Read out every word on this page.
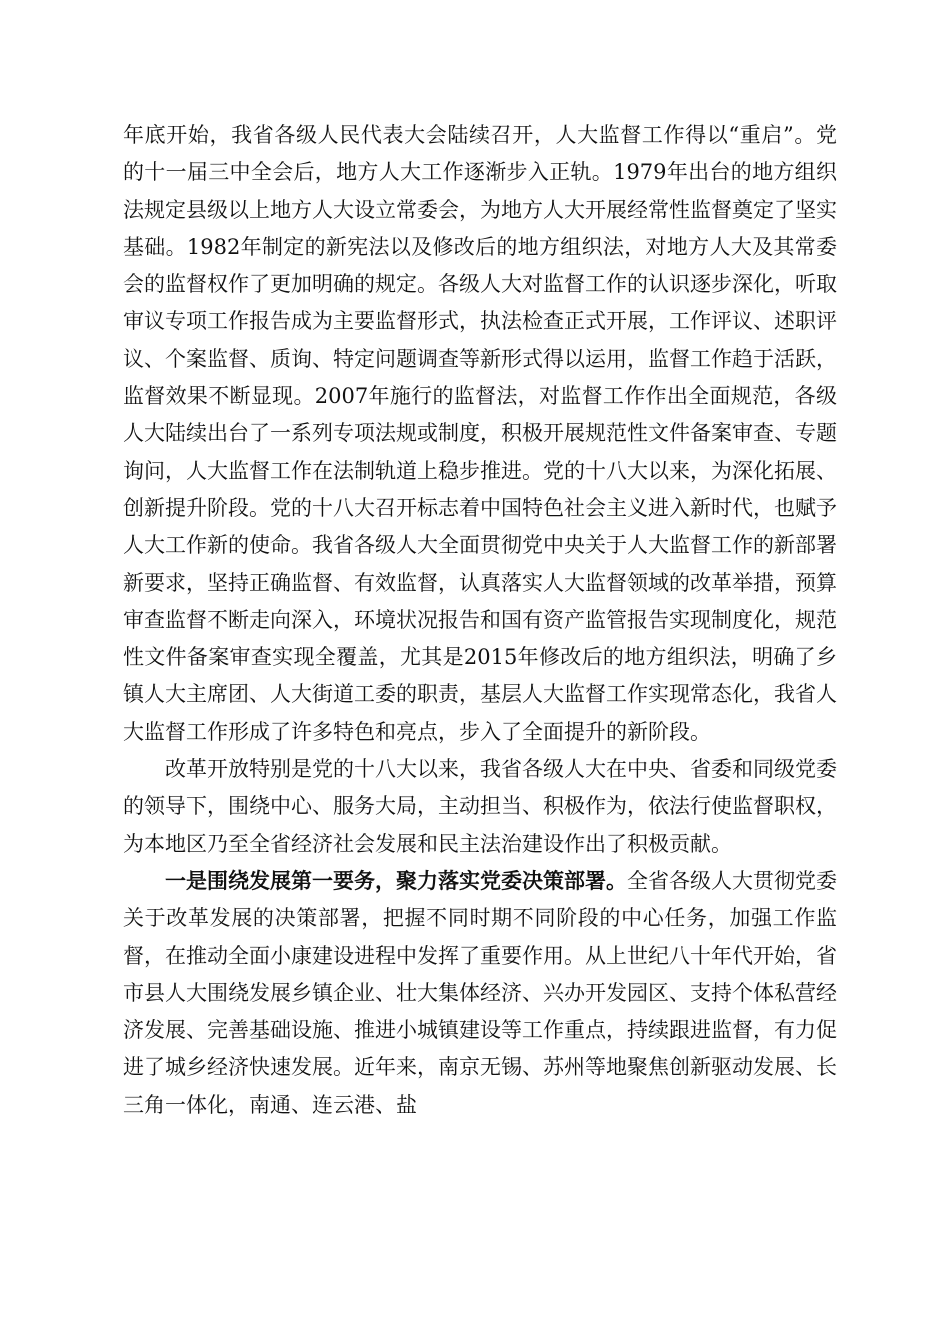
年底开始，我省各级人民代表大会陆续召开，人大监督工作得以“重启”。党的十一届三中全会后，地方人大工作逐渐步入正轨。1979年出台的地方组织法规定县级以上地方人大设立常委会，为地方人大开展经常性监督奠定了坚实基础。1982年制定的新宪法以及修改后的地方组织法，对地方人大及其常委会的监督权作了更加明确的规定。各级人大对监督工作的认识逐步深化，听取审议专项工作报告成为主要监督形式，执法检查正式开展，工作评议、述职评议、个案监督、质询、特定问题调查等新形式得以运用，监督工作趋于活跃，监督效果不断显现。2007年施行的监督法，对监督工作作出全面规范，各级人大陆续出台了一系列专项法规或制度，积极开展规范性文件备案审查、专题询问，人大监督工作在法制轨道上稳步推进。党的十八大以来，为深化拓展、创新提升阶段。党的十八大召开标志着中国特色社会主义进入新时代，也赋予人大工作新的使命。我省各级人大全面贯彻党中央关于人大监督工作的新部署新要求，坚持正确监督、有效监督，认真落实人大监督领域的改革举措，预算审查监督不断走向深入，环境状况报告和国有资产监管报告实现制度化，规范性文件备案审查实现全覆盖，尤其是2015年修改后的地方组织法，明确了乡镇人大主席团、人大街道工委的职责，基层人大监督工作实现常态化，我省人大监督工作形成了许多特色和亮点，步入了全面提升的新阶段。

改革开放特别是党的十八大以来，我省各级人大在中央、省委和同级党委的领导下，围绕中心、服务大局，主动担当、积极作为，依法行使监督职权，为本地区乃至全省经济社会发展和民主法治建设作出了积极贡献。

一是围绕发展第一要务，聚力落实党委决策部署。全省各级人大贯彻党委关于改革发展的决策部署，把握不同时期不同阶段的中心任务，加强工作监督，在推动全面小康建设进程中发挥了重要作用。从上世纪八十年代开始，省市县人大围绕发展乡镇企业、壮大集体经济、兴办开发园区、支持个体私营经济发展、完善基础设施、推进小城镇建设等工作重点，持续跟进监督，有力促进了城乡经济快速发展。近年来，南京无锡、苏州等地聚焦创新驱动发展、长三角一体化，南通、连云港、盐
